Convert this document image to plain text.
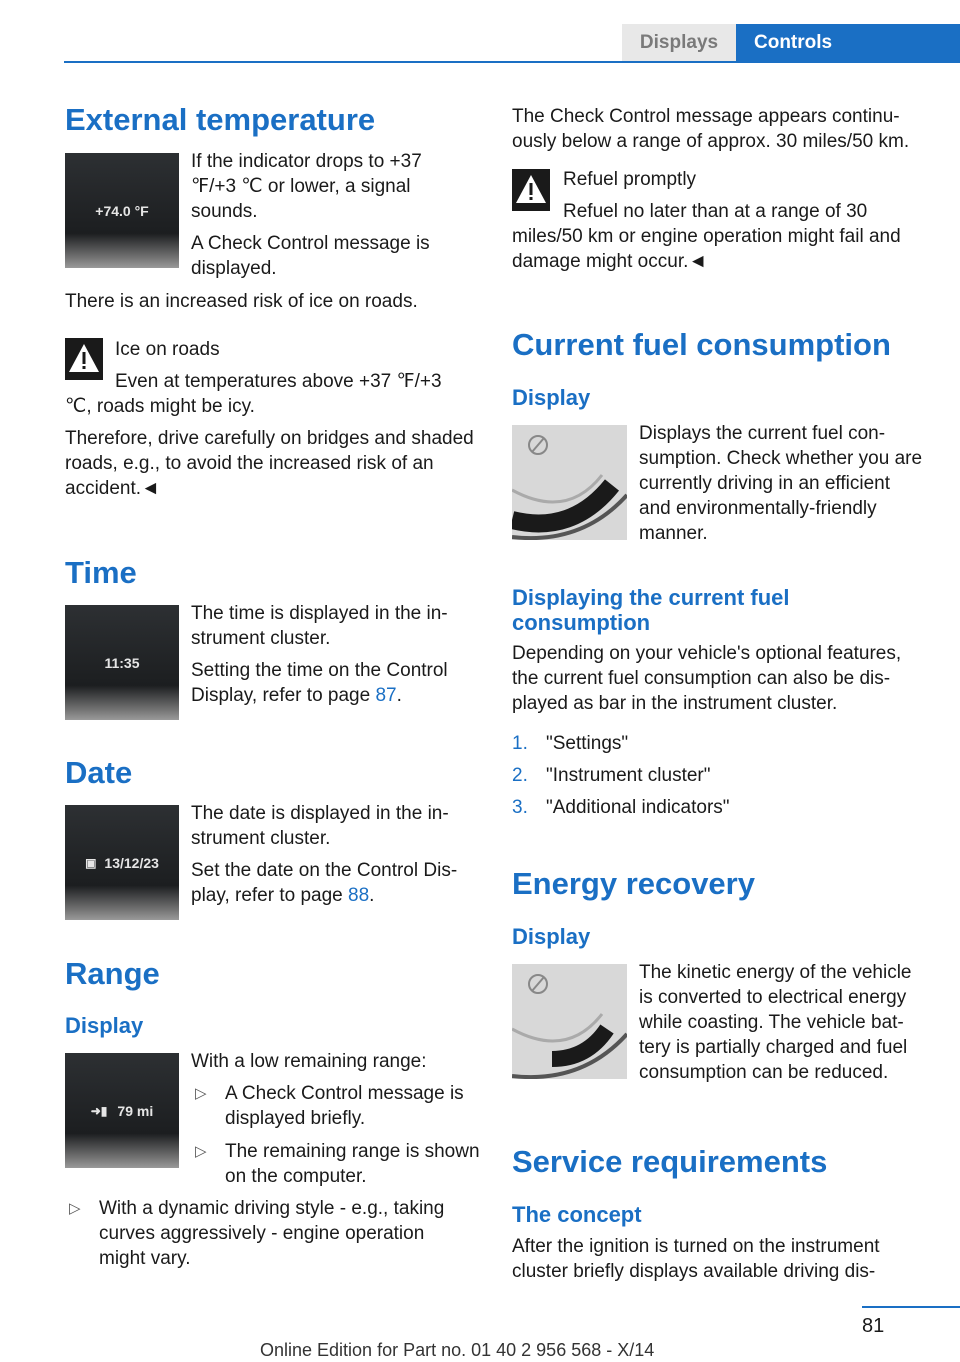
Displays	Controls
External temperature
+74.0 °F

If the indicator drops to +37 ℉/+3 ℃ or lower, a signal sounds.

A Check Control message is displayed.

There is an increased risk of ice on roads.

Ice on roads

Even at temperatures above +37 ℉/+3 ℃, roads might be icy.

Therefore, drive carefully on bridges and shaded roads, e.g., to avoid the increased risk of an accident.◄

Time
11:35

The time is displayed in the instrument cluster.

Setting the time on the Control Display, refer to page 87.

Date
▣ 13/12/23

The date is displayed in the instrument cluster.

Set the date on the Control Display, refer to page 88.

Range
Display
➜▮ 79 mi

With a low remaining range:

▷ A Check Control message is displayed briefly.
▷ The remaining range is shown on the computer.
▷ With a dynamic driving style - e.g., taking curves aggressively - engine operation might vary.

The Check Control message appears continuously below a range of approx. 30 miles/50 km.

Refuel promptly

Refuel no later than at a range of 30 miles/50 km or engine operation might fail and damage might occur.◄

Current fuel consumption
Display

Displays the current fuel consumption. Check whether you are currently driving in an efficient and environmentally-friendly manner.

Displaying the current fuel consumption

Depending on your vehicle's optional features, the current fuel consumption can also be displayed as bar in the instrument cluster.

1. "Settings"
2. "Instrument cluster"
3. "Additional indicators"
Energy recovery
Display

The kinetic energy of the vehicle is converted to electrical energy while coasting. The vehicle battery is partially charged and fuel consumption can be reduced.

Service requirements
The concept

After the ignition is turned on the instrument cluster briefly displays available driving dis-

81
Online Edition for Part no. 01 40 2 956 568 - X/14
